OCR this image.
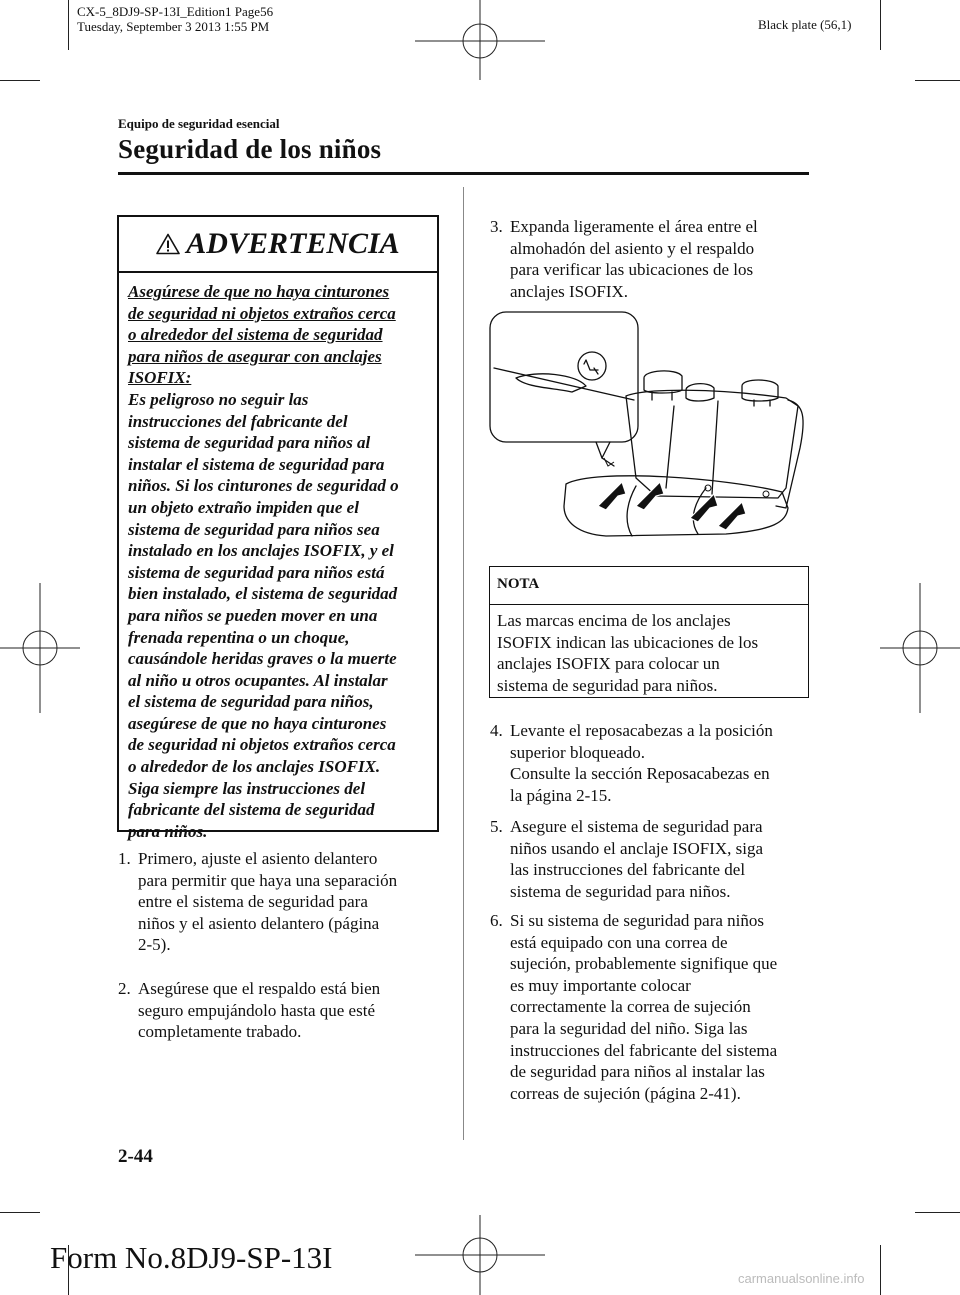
CX-5_8DJ9-SP-13I_Edition1 Page56
Tuesday, September 3 2013 1:55 PM	Black plate (56,1)
Equipo de seguridad esencial
Seguridad de los niños
ADVERTENCIA
Asegúrese de que no haya cinturones
de seguridad ni objetos extraños cerca
o alrededor del sistema de seguridad
para niños de asegurar con anclajes
ISOFIX:
Es peligroso no seguir las
instrucciones del fabricante del
sistema de seguridad para niños al
instalar el sistema de seguridad para
niños. Si los cinturones de seguridad o
un objeto extraño impiden que el
sistema de seguridad para niños sea
instalado en los anclajes ISOFIX, y el
sistema de seguridad para niños está
bien instalado, el sistema de seguridad
para niños se pueden mover en una
frenada repentina o un choque,
causándole heridas graves o la muerte
al niño u otros ocupantes. Al instalar
el sistema de seguridad para niños,
asegúrese de que no haya cinturones
de seguridad ni objetos extraños cerca
o alrededor de los anclajes ISOFIX.
Siga siempre las instrucciones del
fabricante del sistema de seguridad
para niños.
1. Primero, ajuste el asiento delantero
para permitir que haya una separación
entre el sistema de seguridad para
niños y el asiento delantero (página
2-5).
2. Asegúrese que el respaldo está bien
seguro empujándolo hasta que esté
completamente trabado.
3. Expanda ligeramente el área entre el
almohadón del asiento y el respaldo
para verificar las ubicaciones de los
anclajes ISOFIX.
NOTA
Las marcas encima de los anclajes
ISOFIX indican las ubicaciones de los
anclajes ISOFIX para colocar un
sistema de seguridad para niños.
4. Levante el reposacabezas a la posición
superior bloqueado.
Consulte la sección Reposacabezas en
la página 2-15.
5. Asegure el sistema de seguridad para
niños usando el anclaje ISOFIX, siga
las instrucciones del fabricante del
sistema de seguridad para niños.
6. Si su sistema de seguridad para niños
está equipado con una correa de
sujeción, probablemente signifique que
es muy importante colocar
correctamente la correa de sujeción
para la seguridad del niño. Siga las
instrucciones del fabricante del sistema
de seguridad para niños al instalar las
correas de sujeción (página 2-41).
2-44
Form No.8DJ9-SP-13I
carmanualsonline.info
